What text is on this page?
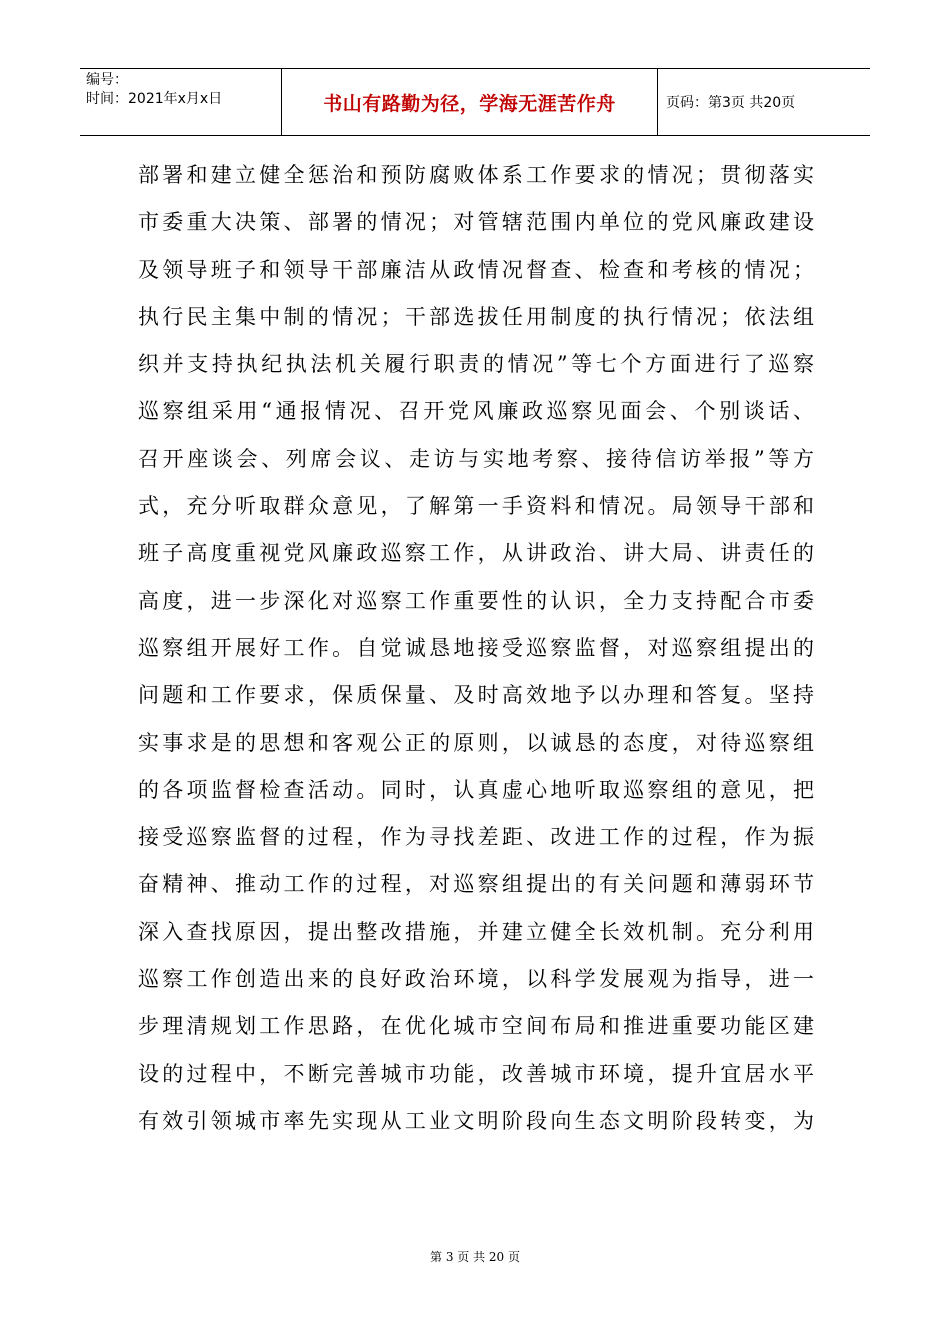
编号：
时间：2021年x月x日	书山有路勤为径，学海无涯苦作舟	页码：第3页 共20页
部署和建立健全惩治和预防腐败体系工作要求的情况；贯彻落实
市委重大决策、部署的情况；对管辖范围内单位的党风廉政建设
及领导班子和领导干部廉洁从政情况督查、检查和考核的情况；
执行民主集中制的情况；干部选拔任用制度的执行情况；依法组
织并支持执纪执法机关履行职责的情况”等七个方面进行了巡察
巡察组采用“通报情况、召开党风廉政巡察见面会、个别谈话、
召开座谈会、列席会议、走访与实地考察、接待信访举报”等方
式，充分听取群众意见，了解第一手资料和情况。局领导干部和
班子高度重视党风廉政巡察工作，从讲政治、讲大局、讲责任的
高度，进一步深化对巡察工作重要性的认识，全力支持配合市委
巡察组开展好工作。自觉诚恳地接受巡察监督，对巡察组提出的
问题和工作要求，保质保量、及时高效地予以办理和答复。坚持
实事求是的思想和客观公正的原则，以诚恳的态度，对待巡察组
的各项监督检查活动。同时，认真虚心地听取巡察组的意见，把
接受巡察监督的过程，作为寻找差距、改进工作的过程，作为振
奋精神、推动工作的过程，对巡察组提出的有关问题和薄弱环节
深入查找原因，提出整改措施，并建立健全长效机制。充分利用
巡察工作创造出来的良好政治环境，以科学发展观为指导，进一
步理清规划工作思路，在优化城市空间布局和推进重要功能区建
设的过程中，不断完善城市功能，改善城市环境，提升宜居水平
有效引领城市率先实现从工业文明阶段向生态文明阶段转变，为
第 3 页 共 20 页
